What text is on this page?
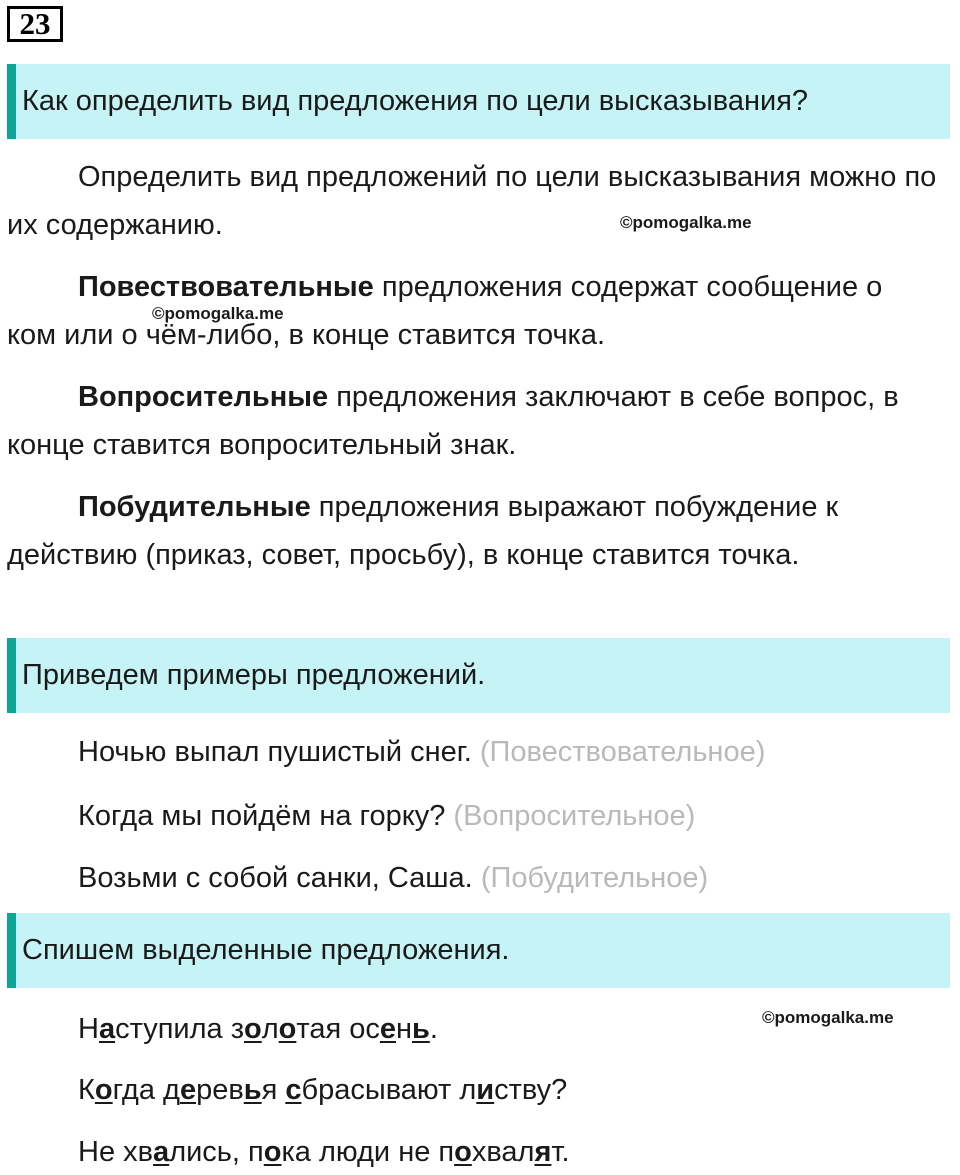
23
Как определить вид предложения по цели высказывания?

Определить вид предложений по цели высказывания можно по их содержанию.	©pomogalka.me

Повествовательные предложения содержат сообщение о ком или о чём-либо, в конце ставится точка.

©pomogalka.me

Вопросительные предложения заключают в себе вопрос, в конце ставится вопросительный знак.

Побудительные предложения выражают побуждение к действию (приказ, совет, просьбу), в конце ставится точка.

Приведем примеры предложений.
Ночью выпал пушистый снег. (Повествовательное)
Когда мы пойдём на горку? (Вопросительное)
Возьми с собой санки, Саша. (Побудительное)
Спишем выделенные предложения.
Наступила золотая осень.	©pomogalka.me
Когда деревья сбрасывают листву?
Не хвались, пока люди не похвалят.
